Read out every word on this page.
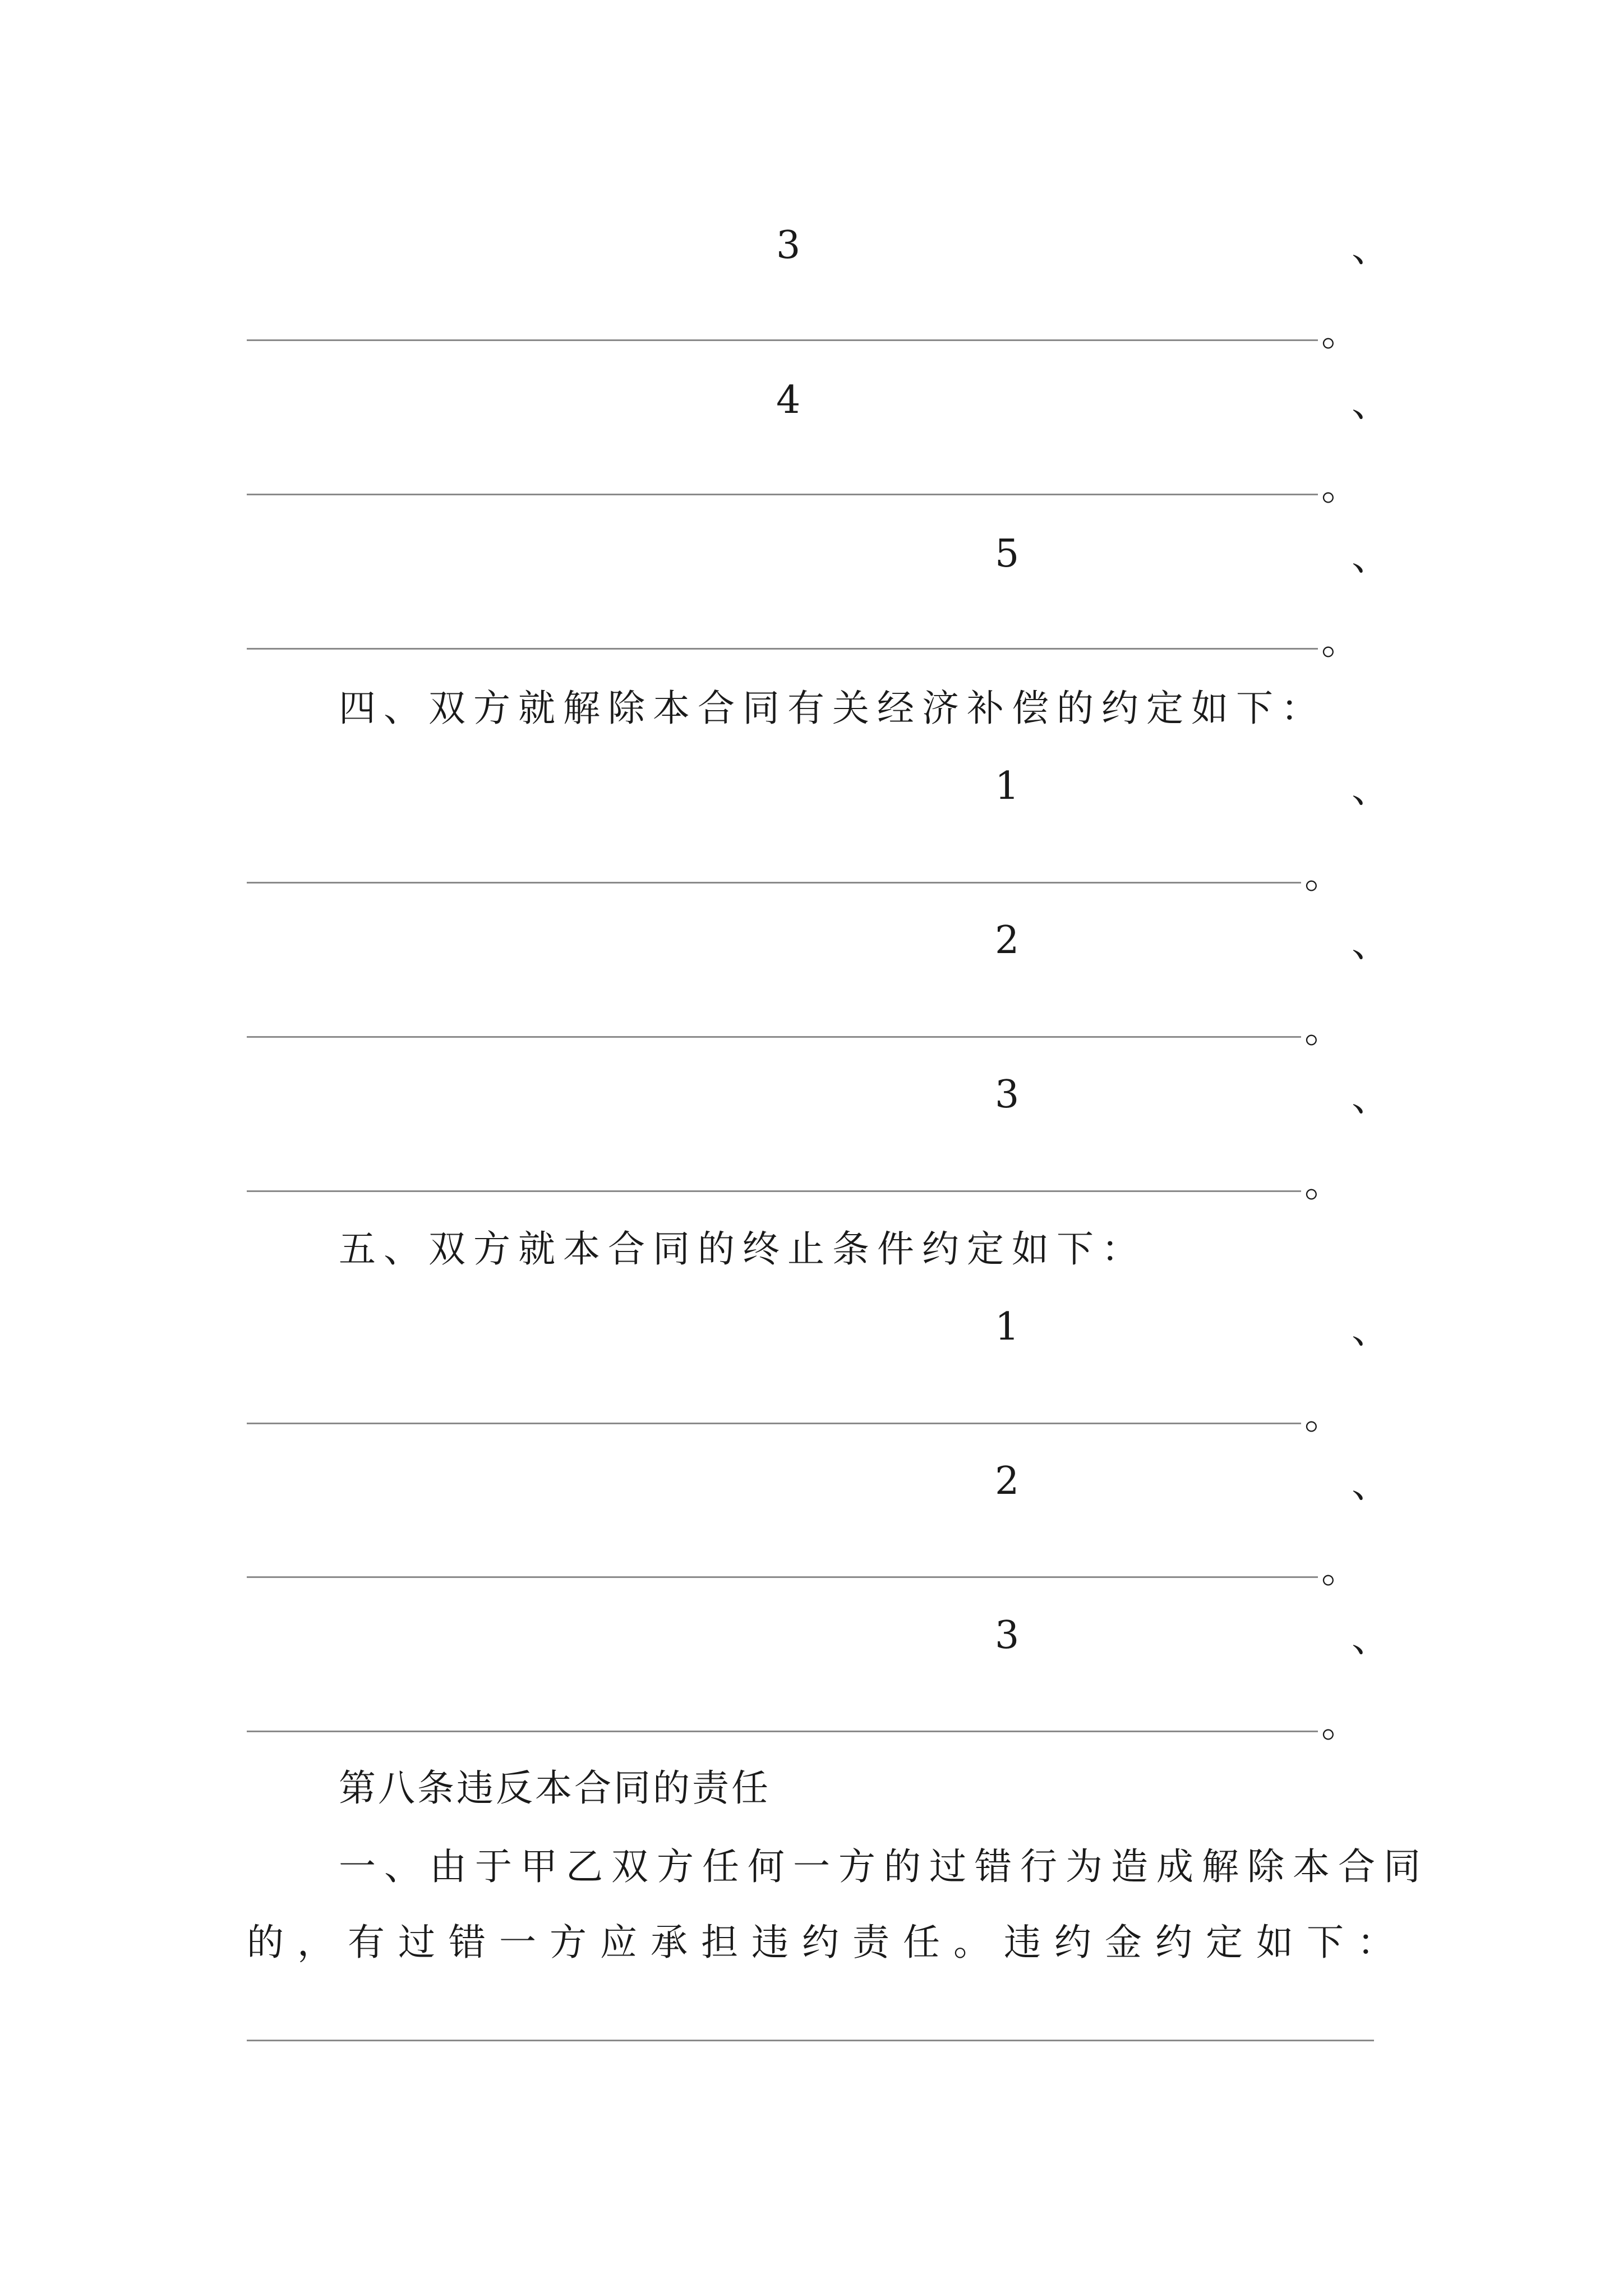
3	、
。
4	、
。
5	、
。
四、双方就解除本合同有关经济补偿的约定如下：
1	、
。
2	、
。
3	、
。
五、双方就本合同的终止条件约定如下：
1	、
。
2	、
。
3	、
。
第八条违反本合同的责任
一、由于甲乙双方任何一方的过错行为造成解除本合同
的，有过错一方应承担违约责任。违约金约定如下：
